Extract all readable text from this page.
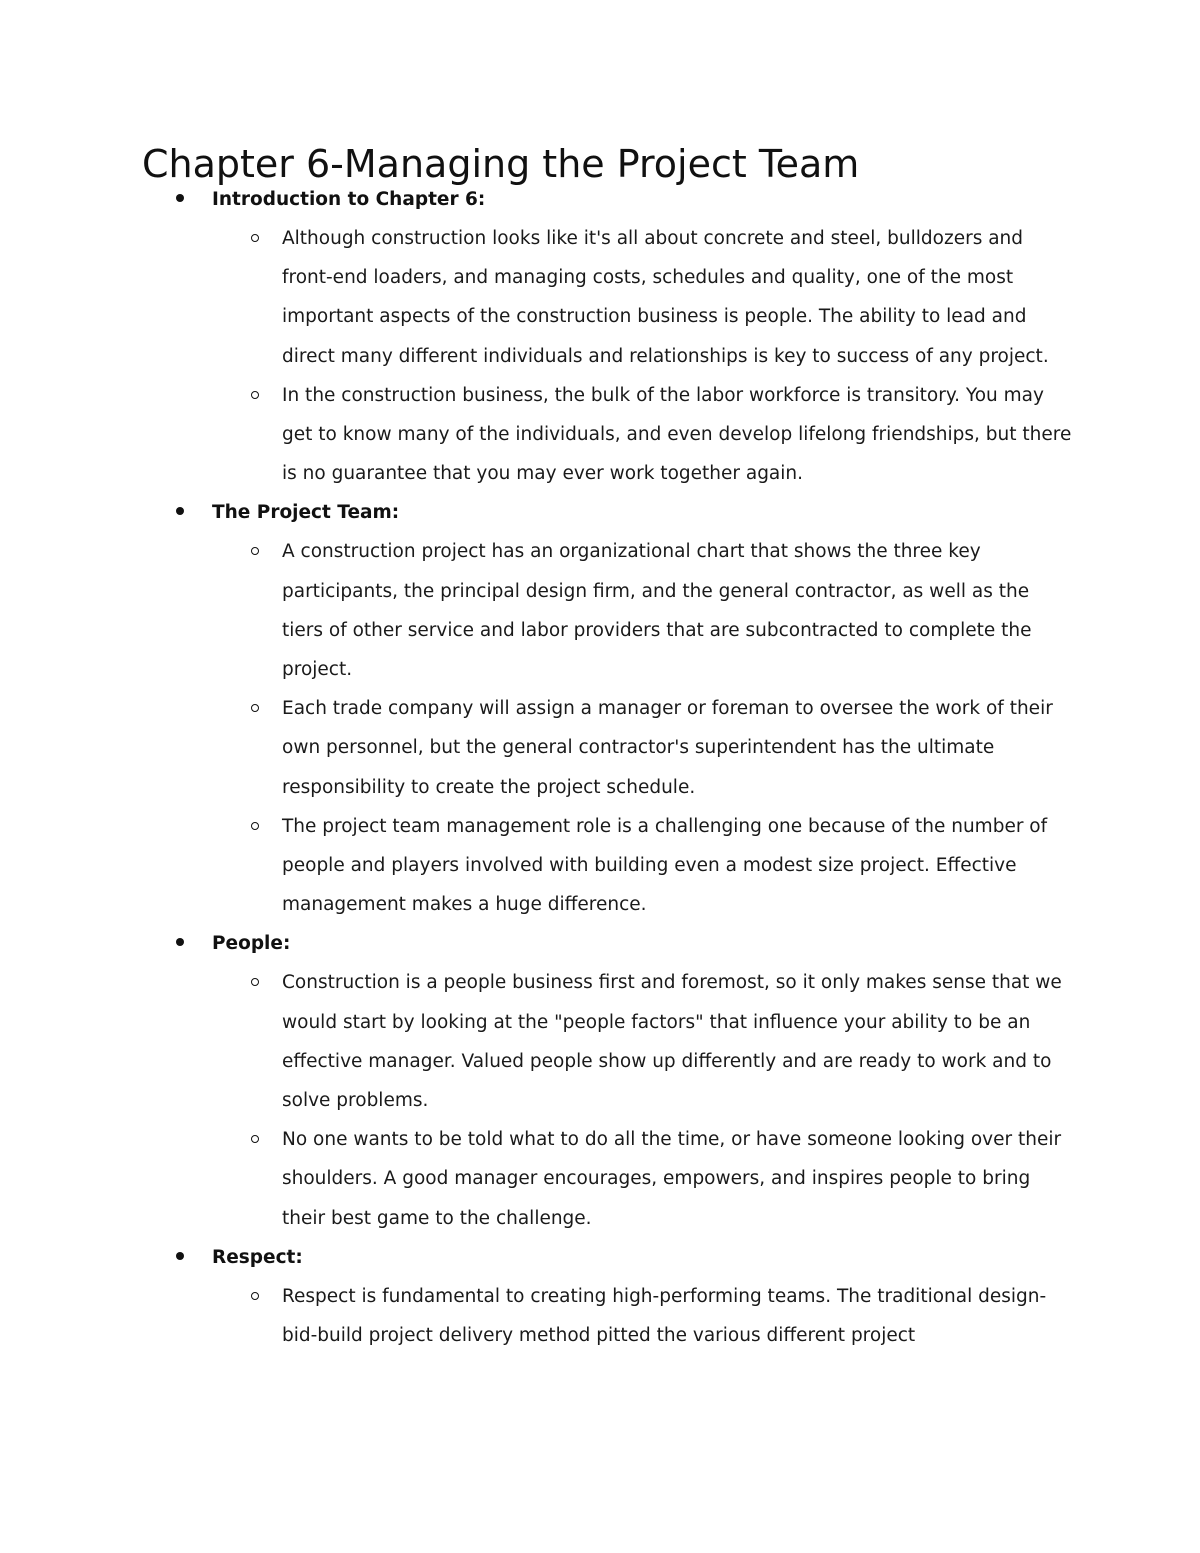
Chapter 6-Managing the Project Team
Introduction to Chapter 6:
Although construction looks like it's all about concrete and steel, bulldozers and front-end loaders, and managing costs, schedules and quality, one of the most important aspects of the construction business is people. The ability to lead and direct many different individuals and relationships is key to success of any project.
In the construction business, the bulk of the labor workforce is transitory. You may get to know many of the individuals, and even develop lifelong friendships, but there is no guarantee that you may ever work together again.
The Project Team:
A construction project has an organizational chart that shows the three key participants, the principal design firm, and the general contractor, as well as the tiers of other service and labor providers that are subcontracted to complete the project.
Each trade company will assign a manager or foreman to oversee the work of their own personnel, but the general contractor's superintendent has the ultimate responsibility to create the project schedule.
The project team management role is a challenging one because of the number of people and players involved with building even a modest size project. Effective management makes a huge difference.
People:
Construction is a people business first and foremost, so it only makes sense that we would start by looking at the "people factors" that influence your ability to be an effective manager. Valued people show up differently and are ready to work and to solve problems.
No one wants to be told what to do all the time, or have someone looking over their shoulders. A good manager encourages, empowers, and inspires people to bring their best game to the challenge.
Respect:
Respect is fundamental to creating high-performing teams. The traditional design-bid-build project delivery method pitted the various different project
